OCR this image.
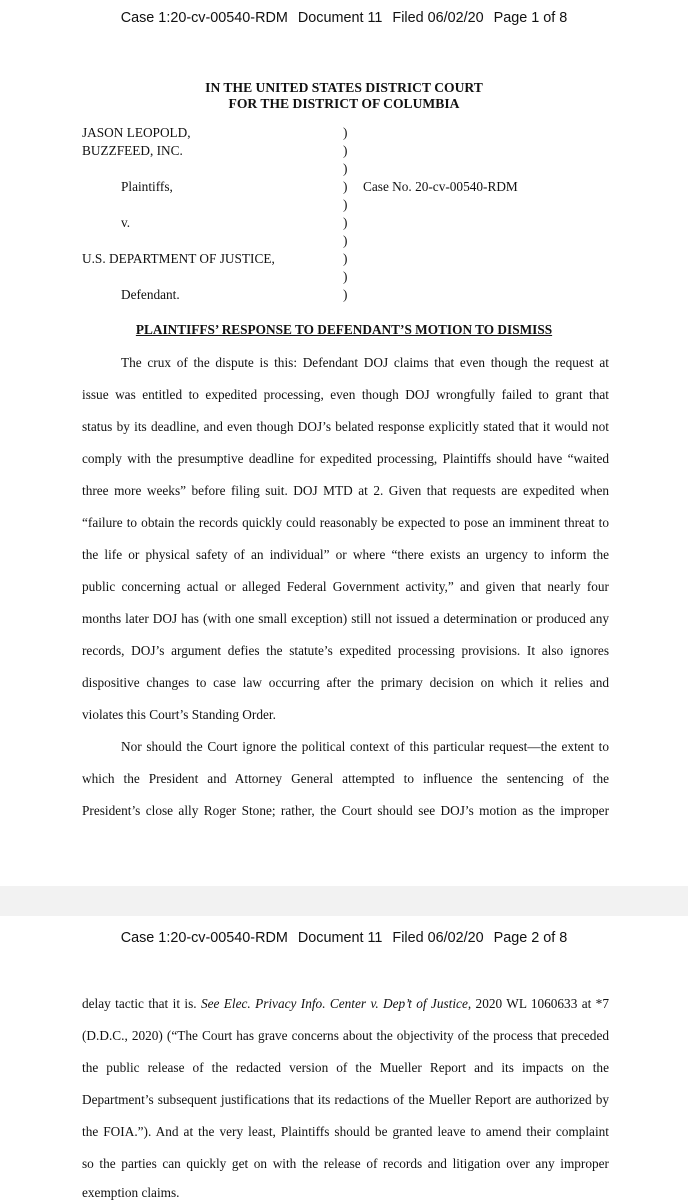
Case 1:20-cv-00540-RDM Document 11 Filed 06/02/20 Page 1 of 8
IN THE UNITED STATES DISTRICT COURT
FOR THE DISTRICT OF COLUMBIA
JASON LEOPOLD,
BUZZFEED, INC.
Plaintiffs,	Case No. 20-cv-00540-RDM
v.
U.S. DEPARTMENT OF JUSTICE,
Defendant.
)
)
)
)
)
)
)
)
)
)
PLAINTIFFS’ RESPONSE TO DEFENDANT’S MOTION TO DISMISS
The crux of the dispute is this: Defendant DOJ claims that even though the request at
issue was entitled to expedited processing, even though DOJ wrongfully failed to grant that
status by its deadline, and even though DOJ’s belated response explicitly stated that it would not
comply with the presumptive deadline for expedited processing, Plaintiffs should have “waited
three more weeks” before filing suit. DOJ MTD at 2. Given that requests are expedited when
“failure to obtain the records quickly could reasonably be expected to pose an imminent threat to
the life or physical safety of an individual” or where “there exists an urgency to inform the
public concerning actual or alleged Federal Government activity,” and given that nearly four
months later DOJ has (with one small exception) still not issued a determination or produced any
records, DOJ’s argument defies the statute’s expedited processing provisions. It also ignores
dispositive changes to case law occurring after the primary decision on which it relies and
violates this Court’s Standing Order.
Nor should the Court ignore the political context of this particular request—the extent to
which the President and Attorney General attempted to influence the sentencing of the
President’s close ally Roger Stone; rather, the Court should see DOJ’s motion as the improper
Case 1:20-cv-00540-RDM Document 11 Filed 06/02/20 Page 2 of 8
delay tactic that it is. See Elec. Privacy Info. Center v. Dep’t of Justice, 2020 WL 1060633 at *7
(D.D.C., 2020) (“The Court has grave concerns about the objectivity of the process that preceded
the public release of the redacted version of the Mueller Report and its impacts on the
Department’s subsequent justifications that its redactions of the Mueller Report are authorized by
the FOIA.”). And at the very least, Plaintiffs should be granted leave to amend their complaint
so the parties can quickly get on with the release of records and litigation over any improper
exemption claims.
